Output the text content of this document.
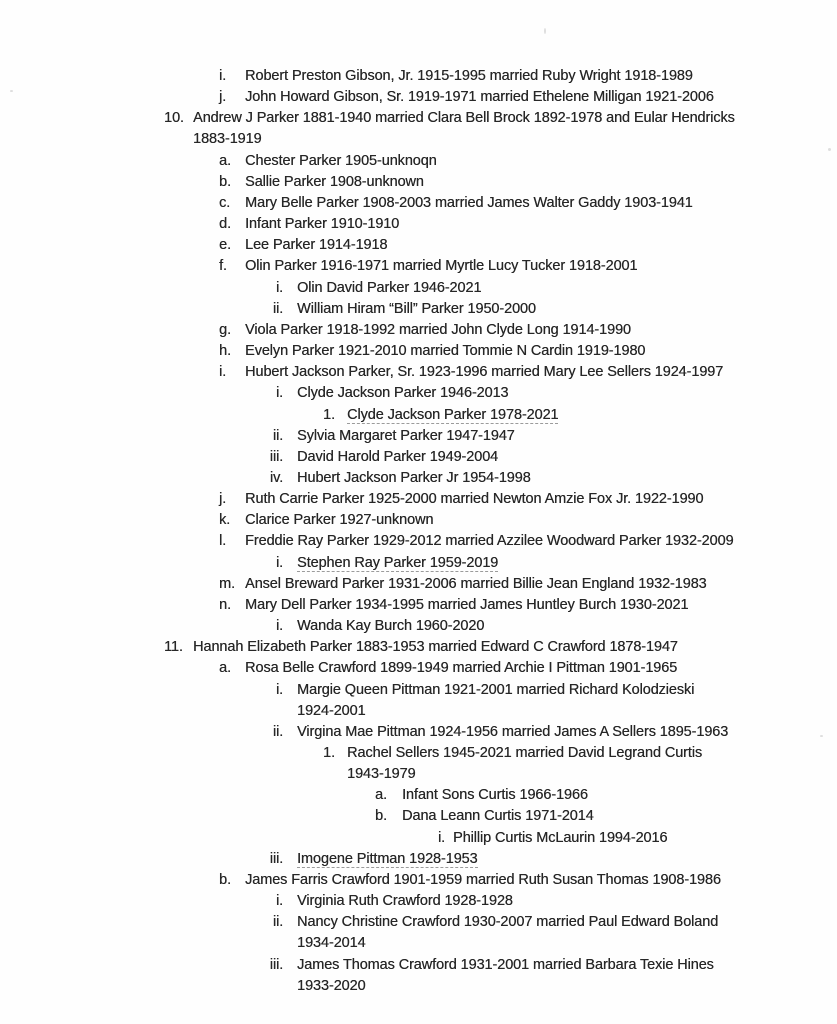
i.	Robert Preston Gibson, Jr. 1915-1995 married Ruby Wright 1918-1989
j.	John Howard Gibson, Sr. 1919-1971 married Ethelene Milligan 1921-2006
10. Andrew J Parker 1881-1940 married Clara Bell Brock 1892-1978 and Eular Hendricks
1883-1919
a. Chester Parker 1905-unknoqn
b. Sallie Parker 1908-unknown
c.	Mary Belle Parker 1908-2003 married James Walter Gaddy 1903-1941
d. Infant Parker 1910-1910
e. Lee Parker 1914-1918
f.	Olin Parker 1916-1971 married Myrtle Lucy Tucker 1918-2001
i. Olin David Parker 1946-2021
ii. William Hiram “Bill” Parker 1950-2000
g. Viola Parker 1918-1992 married John Clyde Long 1914-1990
h. Evelyn Parker 1921-2010 married Tommie N Cardin 1919-1980
i.	Hubert Jackson Parker, Sr. 1923-1996 married Mary Lee Sellers 1924-1997
i. Clyde Jackson Parker 1946-2013
1. Clyde Jackson Parker 1978-2021
ii. Sylvia Margaret Parker 1947-1947
iii. David Harold Parker 1949-2004
iv. Hubert Jackson Parker Jr 1954-1998
j.	Ruth Carrie Parker 1925-2000 married Newton Amzie Fox Jr. 1922-1990
k.	Clarice Parker 1927-unknown
l.	Freddie Ray Parker 1929-2012 married Azzilee Woodward Parker 1932-2009
i. Stephen Ray Parker 1959-2019
m. Ansel Breward Parker 1931-2006 married Billie Jean England 1932-1983
n. Mary Dell Parker 1934-1995 married James Huntley Burch 1930-2021
i. Wanda Kay Burch 1960-2020
11. Hannah Elizabeth Parker 1883-1953 married Edward C Crawford 1878-1947
a. Rosa Belle Crawford 1899-1949 married Archie I Pittman 1901-1965
i. Margie Queen Pittman 1921-2001 married Richard Kolodzieski
1924-2001
ii. Virgina Mae Pittman 1924-1956 married James A Sellers 1895-1963
1. Rachel Sellers 1945-2021 married David Legrand Curtis
1943-1979
a.	Infant Sons Curtis 1966-1966
b.	Dana Leann Curtis 1971-2014
i. Phillip Curtis McLaurin 1994-2016
iii. Imogene Pittman 1928-1953
b. James Farris Crawford 1901-1959 married Ruth Susan Thomas 1908-1986
i. Virginia Ruth Crawford 1928-1928
ii. Nancy Christine Crawford 1930-2007 married Paul Edward Boland
1934-2014
iii. James Thomas Crawford 1931-2001 married Barbara Texie Hines
1933-2020
